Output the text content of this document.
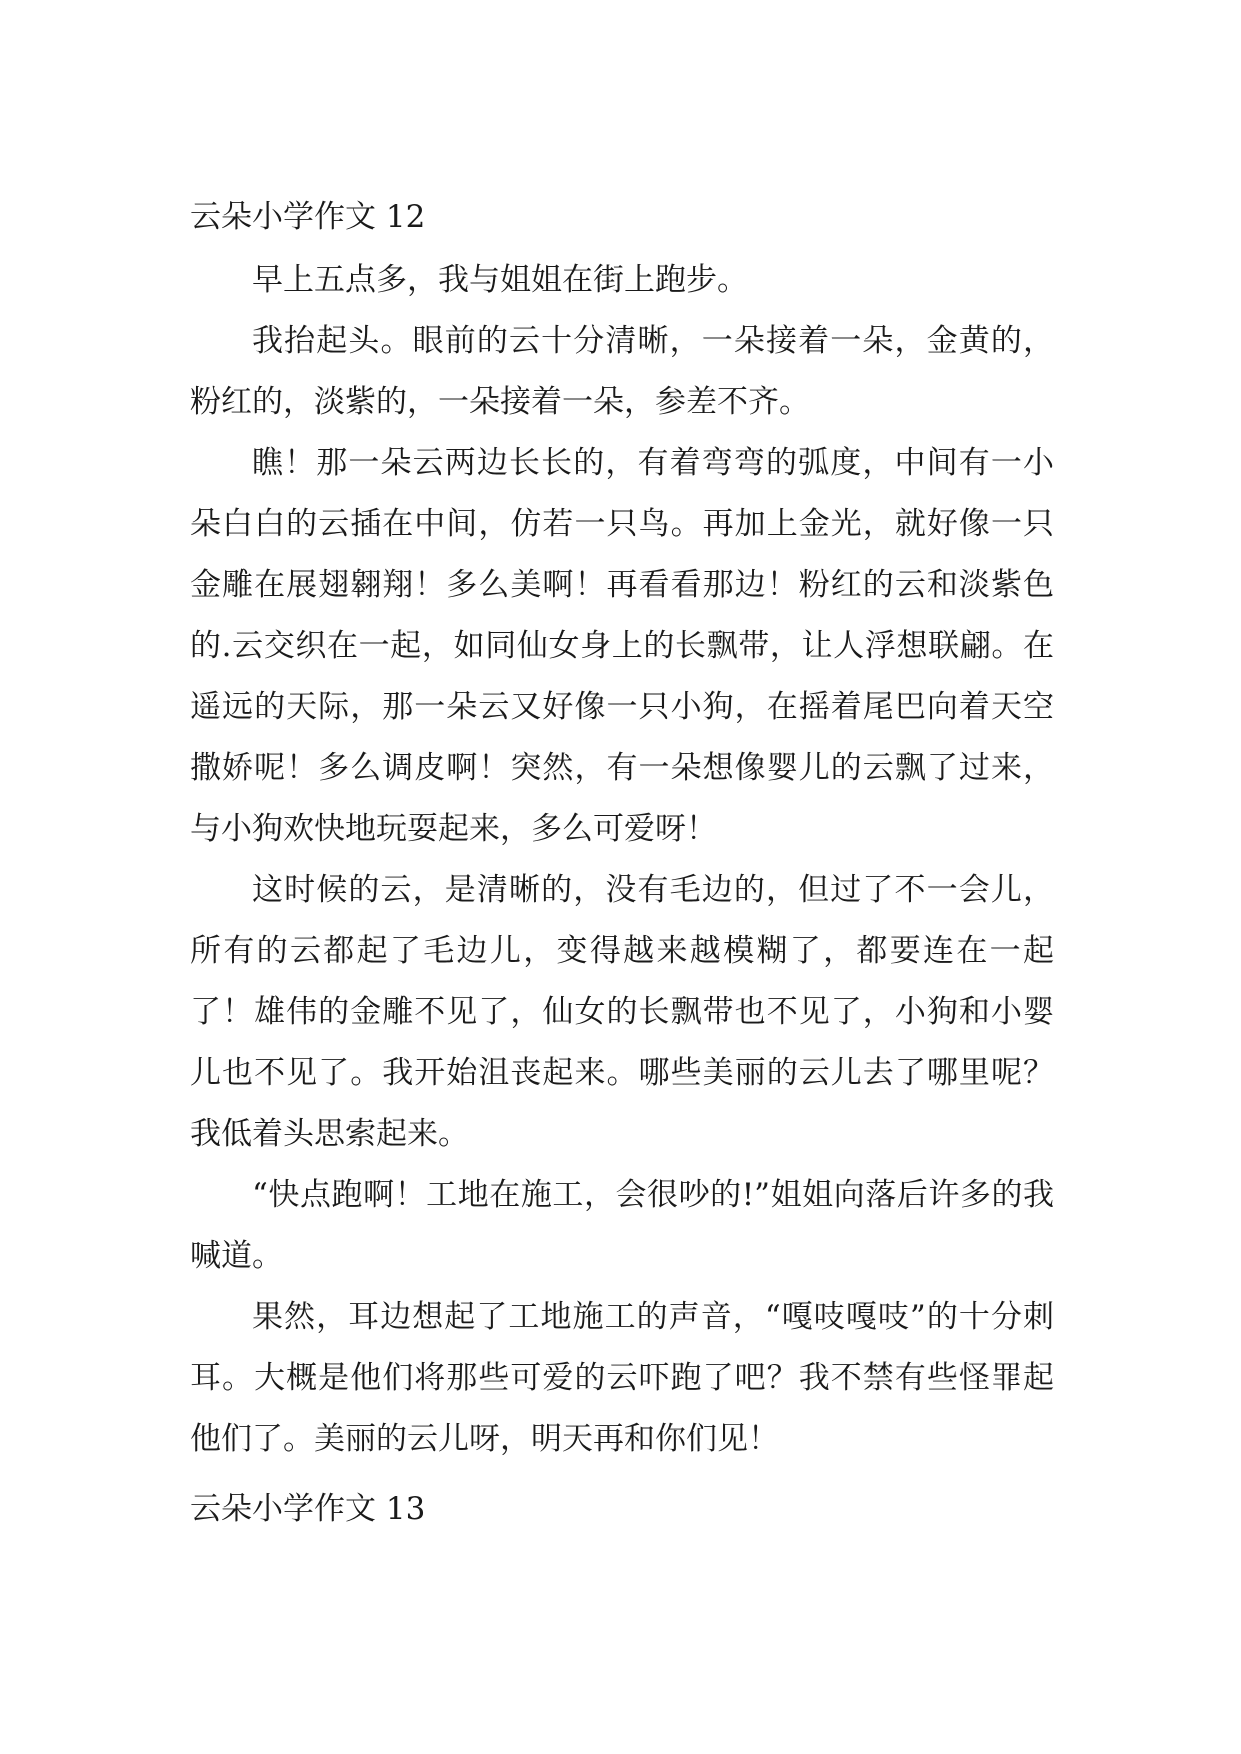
云朵小学作文 12

早上五点多，我与姐姐在街上跑步。

我抬起头。眼前的云十分清晰，一朵接着一朵，金黄的，粉红的，淡紫的，一朵接着一朵，参差不齐。

瞧！那一朵云两边长长的，有着弯弯的弧度，中间有一小朵白白的云插在中间，仿若一只鸟。再加上金光，就好像一只金雕在展翅翱翔！多么美啊！再看看那边！粉红的云和淡紫色的.云交织在一起，如同仙女身上的长飘带，让人浮想联翩。在遥远的天际，那一朵云又好像一只小狗，在摇着尾巴向着天空撒娇呢！多么调皮啊！突然，有一朵想像婴儿的云飘了过来，与小狗欢快地玩耍起来，多么可爱呀！

这时候的云，是清晰的，没有毛边的，但过了不一会儿，所有的云都起了毛边儿，变得越来越模糊了，都要连在一起了！雄伟的金雕不见了，仙女的长飘带也不见了，小狗和小婴儿也不见了。我开始沮丧起来。哪些美丽的云儿去了哪里呢？我低着头思索起来。

“快点跑啊！工地在施工，会很吵的!”姐姐向落后许多的我喊道。

果然，耳边想起了工地施工的声音，“嘎吱嘎吱”的十分刺耳。大概是他们将那些可爱的云吓跑了吧？我不禁有些怪罪起他们了。美丽的云儿呀，明天再和你们见！

云朵小学作文 13
